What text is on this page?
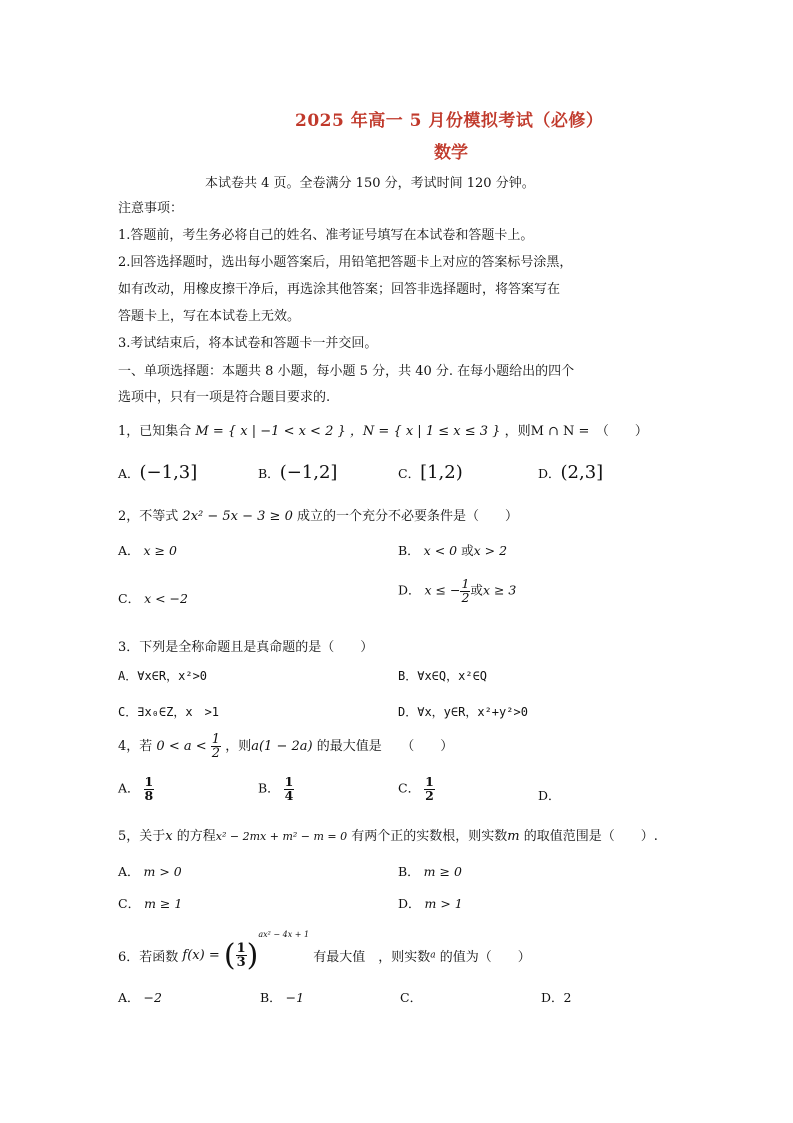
2025 年高一 5 月份模拟考试（必修）
数学
本试卷共 4 页。全卷满分 150 分，考试时间 120 分钟。
注意事项：
1.答题前，考生务必将自己的姓名、准考证号填写在本试卷和答题卡上。
2.回答选择题时，选出每小题答案后，用铅笔把答题卡上对应的答案标号涂黑，
如有改动，用橡皮擦干净后，再选涂其他答案；回答非选择题时，将答案写在
答题卡上，写在本试卷上无效。
3.考试结束后，将本试卷和答题卡一并交回。
一、单项选择题：本题共 8 小题，每小题 5 分，共 40 分. 在每小题给出的四个
选项中，只有一项是符合题目要求的.
1，已知集合 M = { x | −1 < x < 2 } ，N = { x | 1 ≤ x ≤ 3 } ，则M ∩ N =　（　　）
A．(−1,3]	B．(−1,2]	C．[1,2)	D．(2,3]
2，不等式 2x² − 5x − 3 ≥ 0 成立的一个充分不必要条件是（　　）
A． x ≥ 0	B． x < 0 或x > 2
C． x < −2
D． x ≤ − $\frac{1}{2}$ 或x ≥ 3
3．下列是全称命题且是真命题的是（　　）
A．∀x∈R，x²>0	B．∀x∈Q，x²∈Q
C．∃x₀∈Z，x　>1	D．∀x，y∈R，x²+y²>0
4，若 $0 < a < \frac{1}{2}$ ，则a(1 − 2a) 的最大值是　　（　　）
A． $\frac{1}{8}$	B． $\frac{1}{4}$	C． $\frac{1}{2}$	D．
5，关于x 的方程x² − 2mx + m² − m = 0 有两个正的实数根，则实数m 的取值范围是（　　）.
A． m > 0	B． m ≥ 0
C． m ≥ 1	D． m > 1
6．若函数 f(x) = ( $\frac{1}{3} )^{ax^2 - 4x + 1}$ 有最大值　，则实数a 的值为（　　）
A． −2	B． −1	C．	D．2
